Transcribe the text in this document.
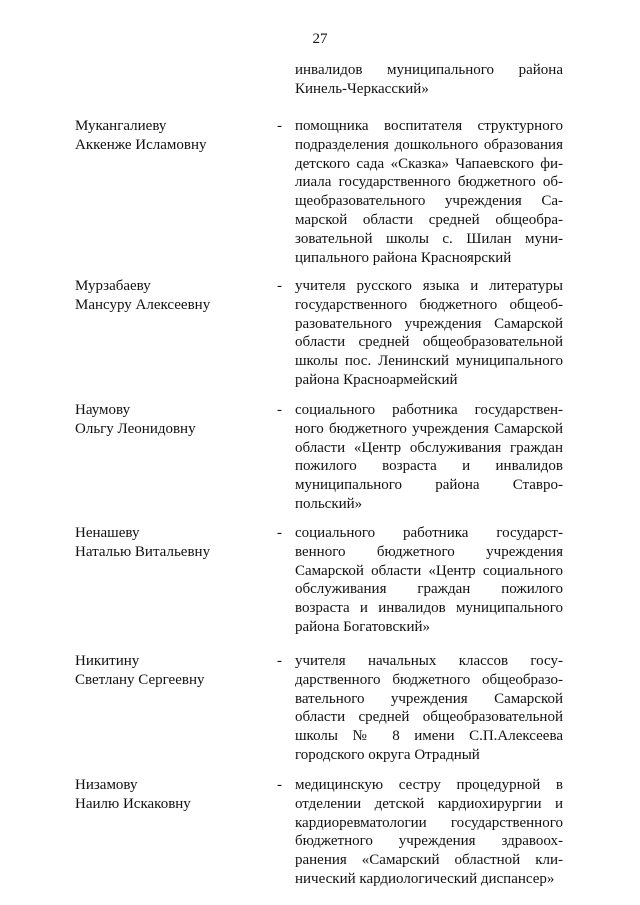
27
инвалидов муниципального района
Кинель-Черкасский»
Мукангалиеву
Аккенже Исламовну
- помощника воспитателя структурного
подразделения дошкольного образования
детского сада «Сказка» Чапаевского фи-
лиала государственного бюджетного об-
щеобразовательного учреждения Са-
марской области средней общеобра-
зовательной школы с. Шилан муни-
ципального района Красноярский
Мурзабаеву
Мансуру Алексеевну
- учителя русского языка и литературы
государственного бюджетного общеоб-
разовательного учреждения Самарской
области средней общеобразовательной
школы пос. Ленинский муниципального
района Красноармейский
Наумову
Ольгу Леонидовну
- социального работника государствен-
ного бюджетного учреждения Самарской
области «Центр обслуживания граждан
пожилого возраста и инвалидов
муниципального района Ставро-
польский»
Ненашеву
Наталью Витальевну
- социального работника государст-
венного бюджетного учреждения
Самарской области «Центр социального
обслуживания граждан пожилого
возраста и инвалидов муниципального
района Богатовский»
Никитину
Светлану Сергеевну
- учителя начальных классов госу-
дарственного бюджетного общеобразо-
вательного учреждения Самарской
области средней общеобразовательной
школы № 8 имени С.П.Алексеева
городского округа Отрадный
Низамову
Наилю Искаковну
- медицинскую сестру процедурной в
отделении детской кардиохирургии и
кардиоревматологии государственного
бюджетного учреждения здравоох-
ранения «Самарский областной кли-
нический кардиологический диспансер»
